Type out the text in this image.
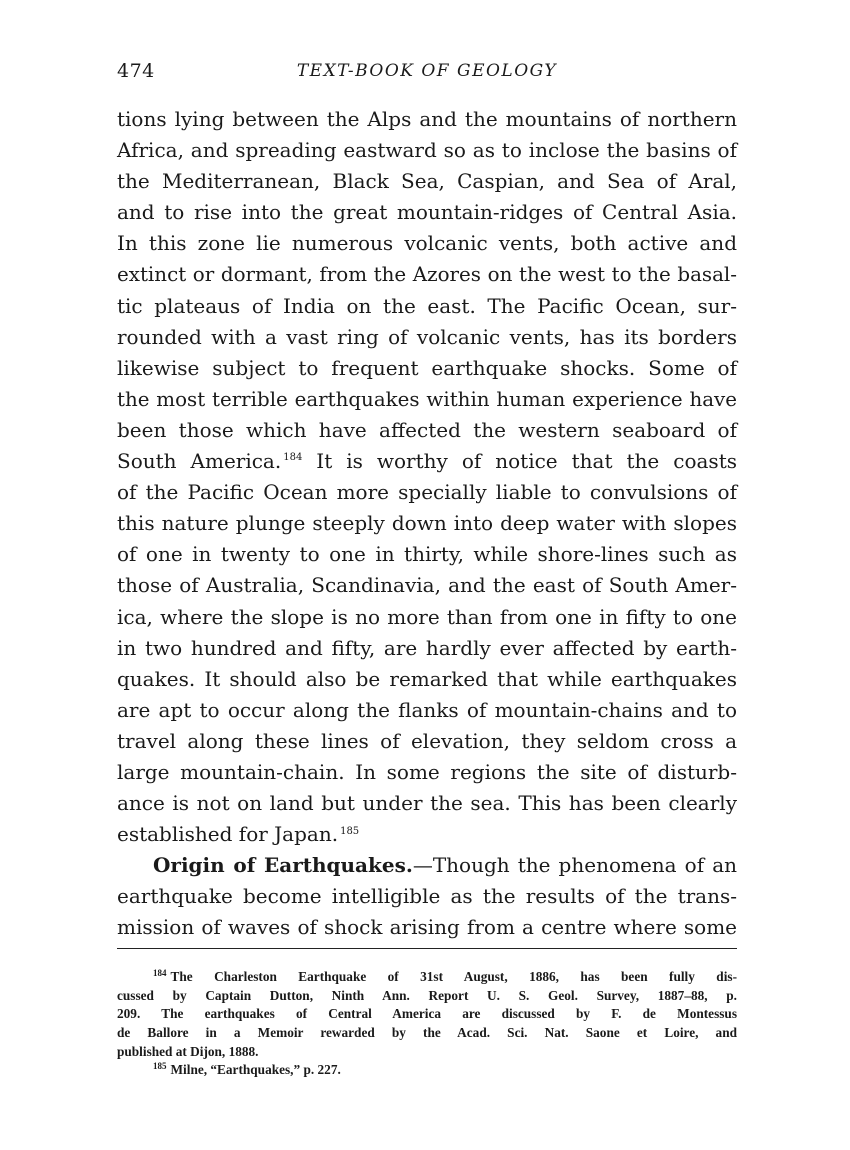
474	TEXT-BOOK OF GEOLOGY
tions lying between the Alps and the mountains of northern
Africa, and spreading eastward so as to inclose the basins of
the Mediterranean, Black Sea, Caspian, and Sea of Aral,
and to rise into the great mountain-ridges of Central Asia.
In this zone lie numerous volcanic vents, both active and
extinct or dormant, from the Azores on the west to the basal-
tic plateaus of India on the east. The Pacific Ocean, sur-
rounded with a vast ring of volcanic vents, has its borders
likewise subject to frequent earthquake shocks. Some of
the most terrible earthquakes within human experience have
been those which have affected the western seaboard of
South America. $^{184}$ It is worthy of notice that the coasts
of the Pacific Ocean more specially liable to convulsions of
this nature plunge steeply down into deep water with slopes
of one in twenty to one in thirty, while shore-lines such as
those of Australia, Scandinavia, and the east of South Amer-
ica, where the slope is no more than from one in fifty to one
in two hundred and fifty, are hardly ever affected by earth-
quakes. It should also be remarked that while earthquakes
are apt to occur along the flanks of mountain-chains and to
travel along these lines of elevation, they seldom cross a
large mountain-chain. In some regions the site of disturb-
ance is not on land but under the sea. This has been clearly
established for Japan. $^{185}$
Origin of Earthquakes.—Though the phenomena of an
earthquake become intelligible as the results of the trans-
mission of waves of shock arising from a centre where some
$^{184}$ The Charleston Earthquake of 31st August, 1886, has been fully dis-
cussed by Captain Dutton, Ninth Ann. Report U. S. Geol. Survey, 1887–88, p.
209. The earthquakes of Central America are discussed by F. de Montessus
de Ballore in a Memoir rewarded by the Acad. Sci. Nat. Saone et Loire, and
published at Dijon, 1888.
$^{185}$ Milne, “Earthquakes,” p. 227.
